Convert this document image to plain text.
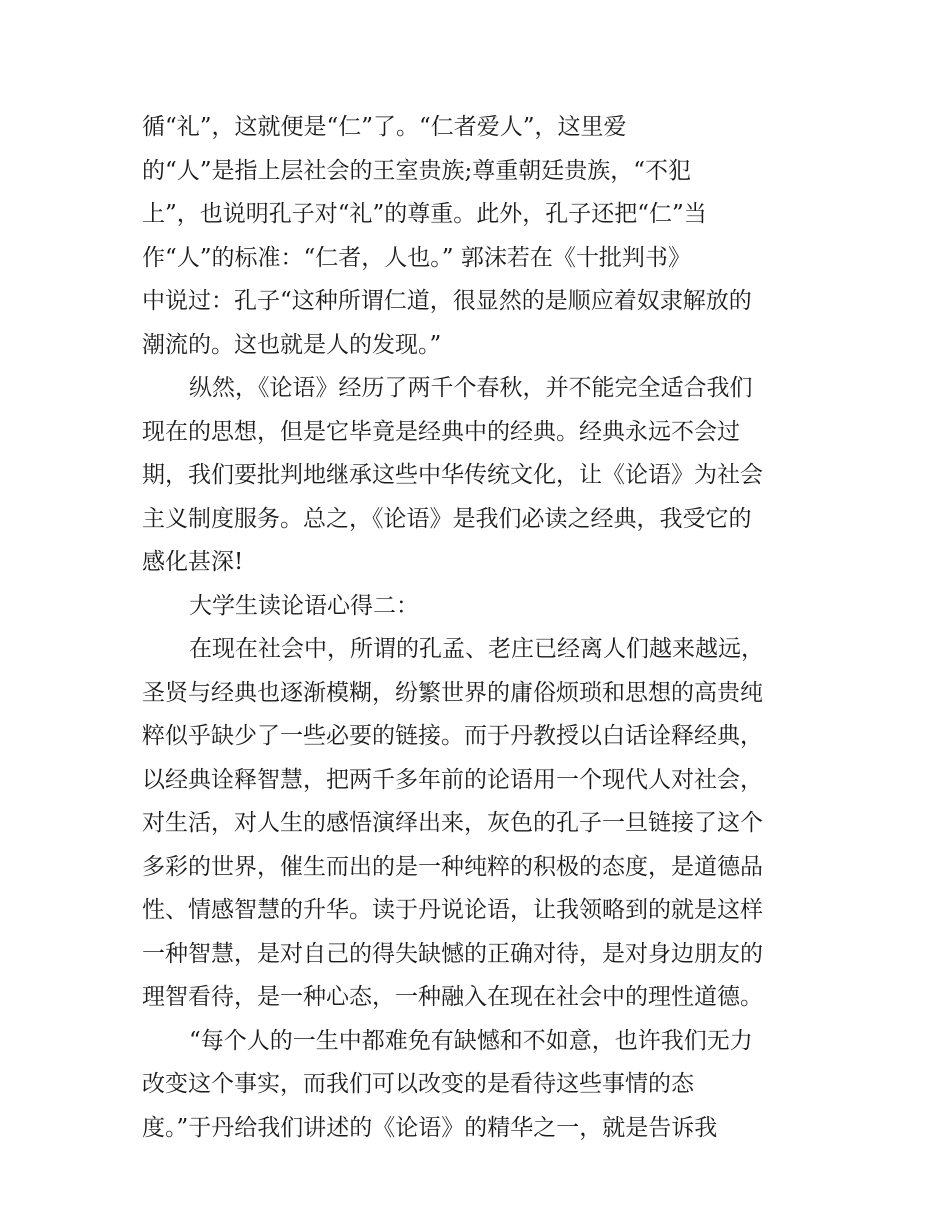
循“礼”，这就便是“仁”了。“仁者爱人”，这里爱
的“人”是指上层社会的王室贵族;尊重朝廷贵族，“不犯
上”，也说明孔子对“礼”的尊重。此外，孔子还把“仁”当
作“人”的标准：“仁者，人也。” 郭沫若在《十批判书》
中说过：孔子“这种所谓仁道，很显然的是顺应着奴隶解放的
潮流的。这也就是人的发现。”
纵然，《论语》经历了两千个春秋，并不能完全适合我们
现在的思想，但是它毕竟是经典中的经典。经典永远不会过
期，我们要批判地继承这些中华传统文化，让《论语》为社会
主义制度服务。总之，《论语》是我们必读之经典，我受它的
感化甚深!
大学生读论语心得二：
在现在社会中，所谓的孔孟、老庄已经离人们越来越远，
圣贤与经典也逐渐模糊，纷繁世界的庸俗烦琐和思想的高贵纯
粹似乎缺少了一些必要的链接。而于丹教授以白话诠释经典，
以经典诠释智慧，把两千多年前的论语用一个现代人对社会，
对生活，对人生的感悟演绎出来，灰色的孔子一旦链接了这个
多彩的世界，催生而出的是一种纯粹的积极的态度，是道德品
性、情感智慧的升华。读于丹说论语，让我领略到的就是这样
一种智慧，是对自己的得失缺憾的正确对待，是对身边朋友的
理智看待，是一种心态，一种融入在现在社会中的理性道德。
“每个人的一生中都难免有缺憾和不如意，也许我们无力
改变这个事实，而我们可以改变的是看待这些事情的态
度。”于丹给我们讲述的《论语》的精华之一，就是告诉我
